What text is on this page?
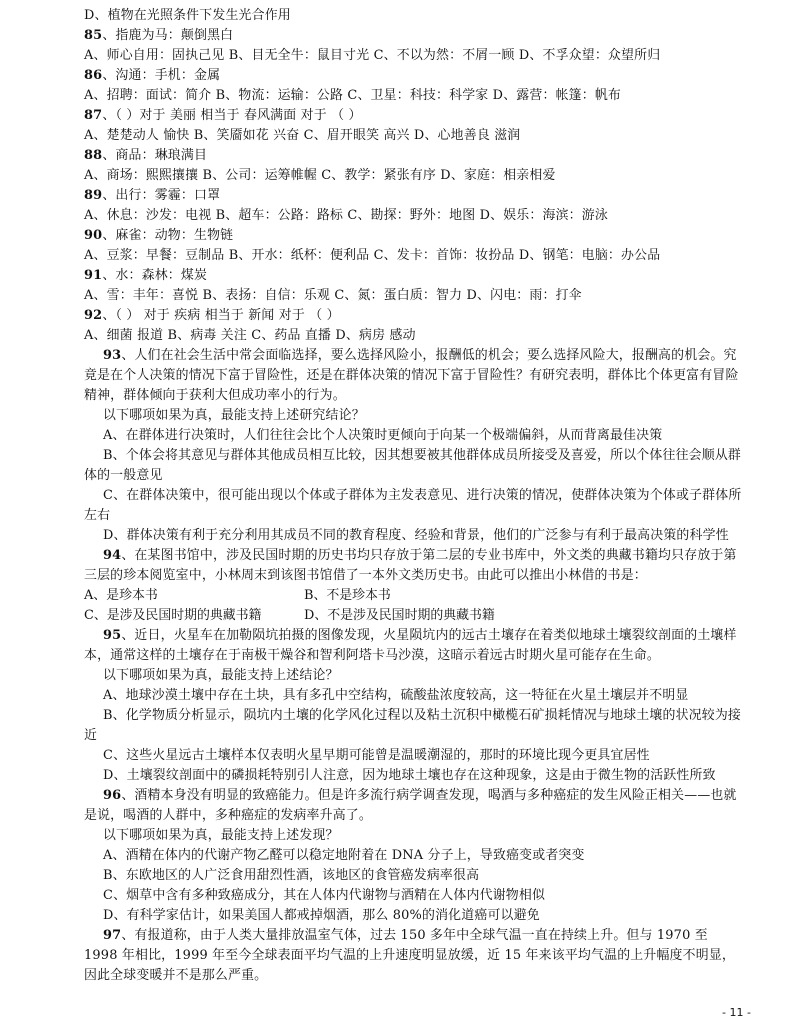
D、植物在光照条件下发生光合作用
85、指鹿为马：颠倒黑白
A、师心自用：固执己见 B、目无全牛：鼠目寸光 C、不以为然：不屑一顾 D、不孚众望：众望所归
86、沟通：手机：金属
A、招聘：面试：简介 B、物流：运输：公路 C、卫星：科技：科学家 D、露营：帐篷：帆布
87、（ ）对于 美丽 相当于 春风满面 对于 （ ）
A、楚楚动人 愉快 B、笑靥如花 兴奋 C、眉开眼笑 高兴 D、心地善良 滋润
88、商品：琳琅满目
A、商场：熙熙攘攘 B、公司：运筹帷幄 C、教学：紧张有序 D、家庭：相亲相爱
89、出行：雾霾：口罩
A、休息：沙发：电视 B、超车：公路：路标 C、勘探：野外：地图 D、娱乐：海滨：游泳
90、麻雀：动物：生物链
A、豆浆：早餐：豆制品 B、开水：纸杯：便利品 C、发卡：首饰：妆扮品 D、钢笔：电脑：办公品
91、水：森林：煤炭
A、雪：丰年：喜悦 B、表扬：自信：乐观 C、氮：蛋白质：智力 D、闪电：雨：打伞
92、（ ） 对于 疾病 相当于 新闻 对于 （ ）
A、细菌 报道 B、病毒 关注 C、药品 直播 D、病房 感动
93、人们在社会生活中常会面临选择，要么选择风险小，报酬低的机会；要么选择风险大，报酬高的机会。究竟是在个人决策的情况下富于冒险性，还是在群体决策的情况下富于冒险性？有研究表明，群体比个体更富有冒险精神，群体倾向于获利大但成功率小的行为。
以下哪项如果为真，最能支持上述研究结论？
A、在群体进行决策时，人们往往会比个人决策时更倾向于向某一个极端偏斜，从而背离最佳决策
B、个体会将其意见与群体其他成员相互比较，因其想要被其他群体成员所接受及喜爱，所以个体往往会顺从群体的一般意见
C、在群体决策中，很可能出现以个体或子群体为主发表意见、进行决策的情况，使群体决策为个体或子群体所左右
D、群体决策有利于充分利用其成员不同的教育程度、经验和背景，他们的广泛参与有利于最高决策的科学性
94、在某图书馆中，涉及民国时期的历史书均只存放于第二层的专业书库中，外文类的典藏书籍均只存放于第三层的珍本阅览室中，小林周末到该图书馆借了一本外文类历史书。由此可以推出小林借的书是：
A、是珍本书	B、不是珍本书
C、是涉及民国时期的典藏书籍	D、不是涉及民国时期的典藏书籍
95、近日，火星车在加勒陨坑拍摄的图像发现，火星陨坑内的远古土壤存在着类似地球土壤裂纹剖面的土壤样本，通常这样的土壤存在于南极干燥谷和智利阿塔卡马沙漠，这暗示着远古时期火星可能存在生命。
以下哪项如果为真，最能支持上述结论？
A、地球沙漠土壤中存在土块，具有多孔中空结构，硫酸盐浓度较高，这一特征在火星土壤层并不明显
B、化学物质分析显示，陨坑内土壤的化学风化过程以及粘土沉积中橄榄石矿损耗情况与地球土壤的状况较为接近
C、这些火星远古土壤样本仅表明火星早期可能曾是温暖潮湿的，那时的环境比现今更具宜居性
D、土壤裂纹剖面中的磷损耗特别引人注意，因为地球土壤也存在这种现象，这是由于微生物的活跃性所致
96、酒精本身没有明显的致癌能力。但是许多流行病学调查发现，喝酒与多种癌症的发生风险正相关——也就是说，喝酒的人群中，多种癌症的发病率升高了。
以下哪项如果为真，最能支持上述发现？
A、酒精在体内的代谢产物乙醛可以稳定地附着在 DNA 分子上，导致癌变或者突变
B、东欧地区的人广泛食用甜烈性酒，该地区的食管癌发病率很高
C、烟草中含有多种致癌成分，其在人体内代谢物与酒精在人体内代谢物相似
D、有科学家估计，如果美国人都戒掉烟酒，那么 80%的消化道癌可以避免
97、有报道称，由于人类大量排放温室气体，过去 150 多年中全球气温一直在持续上升。但与 1970 至 1998 年相比，1999 年至今全球表面平均气温的上升速度明显放缓，近 15 年来该平均气温的上升幅度不明显，因此全球变暖并不是那么严重。
- 11 -
